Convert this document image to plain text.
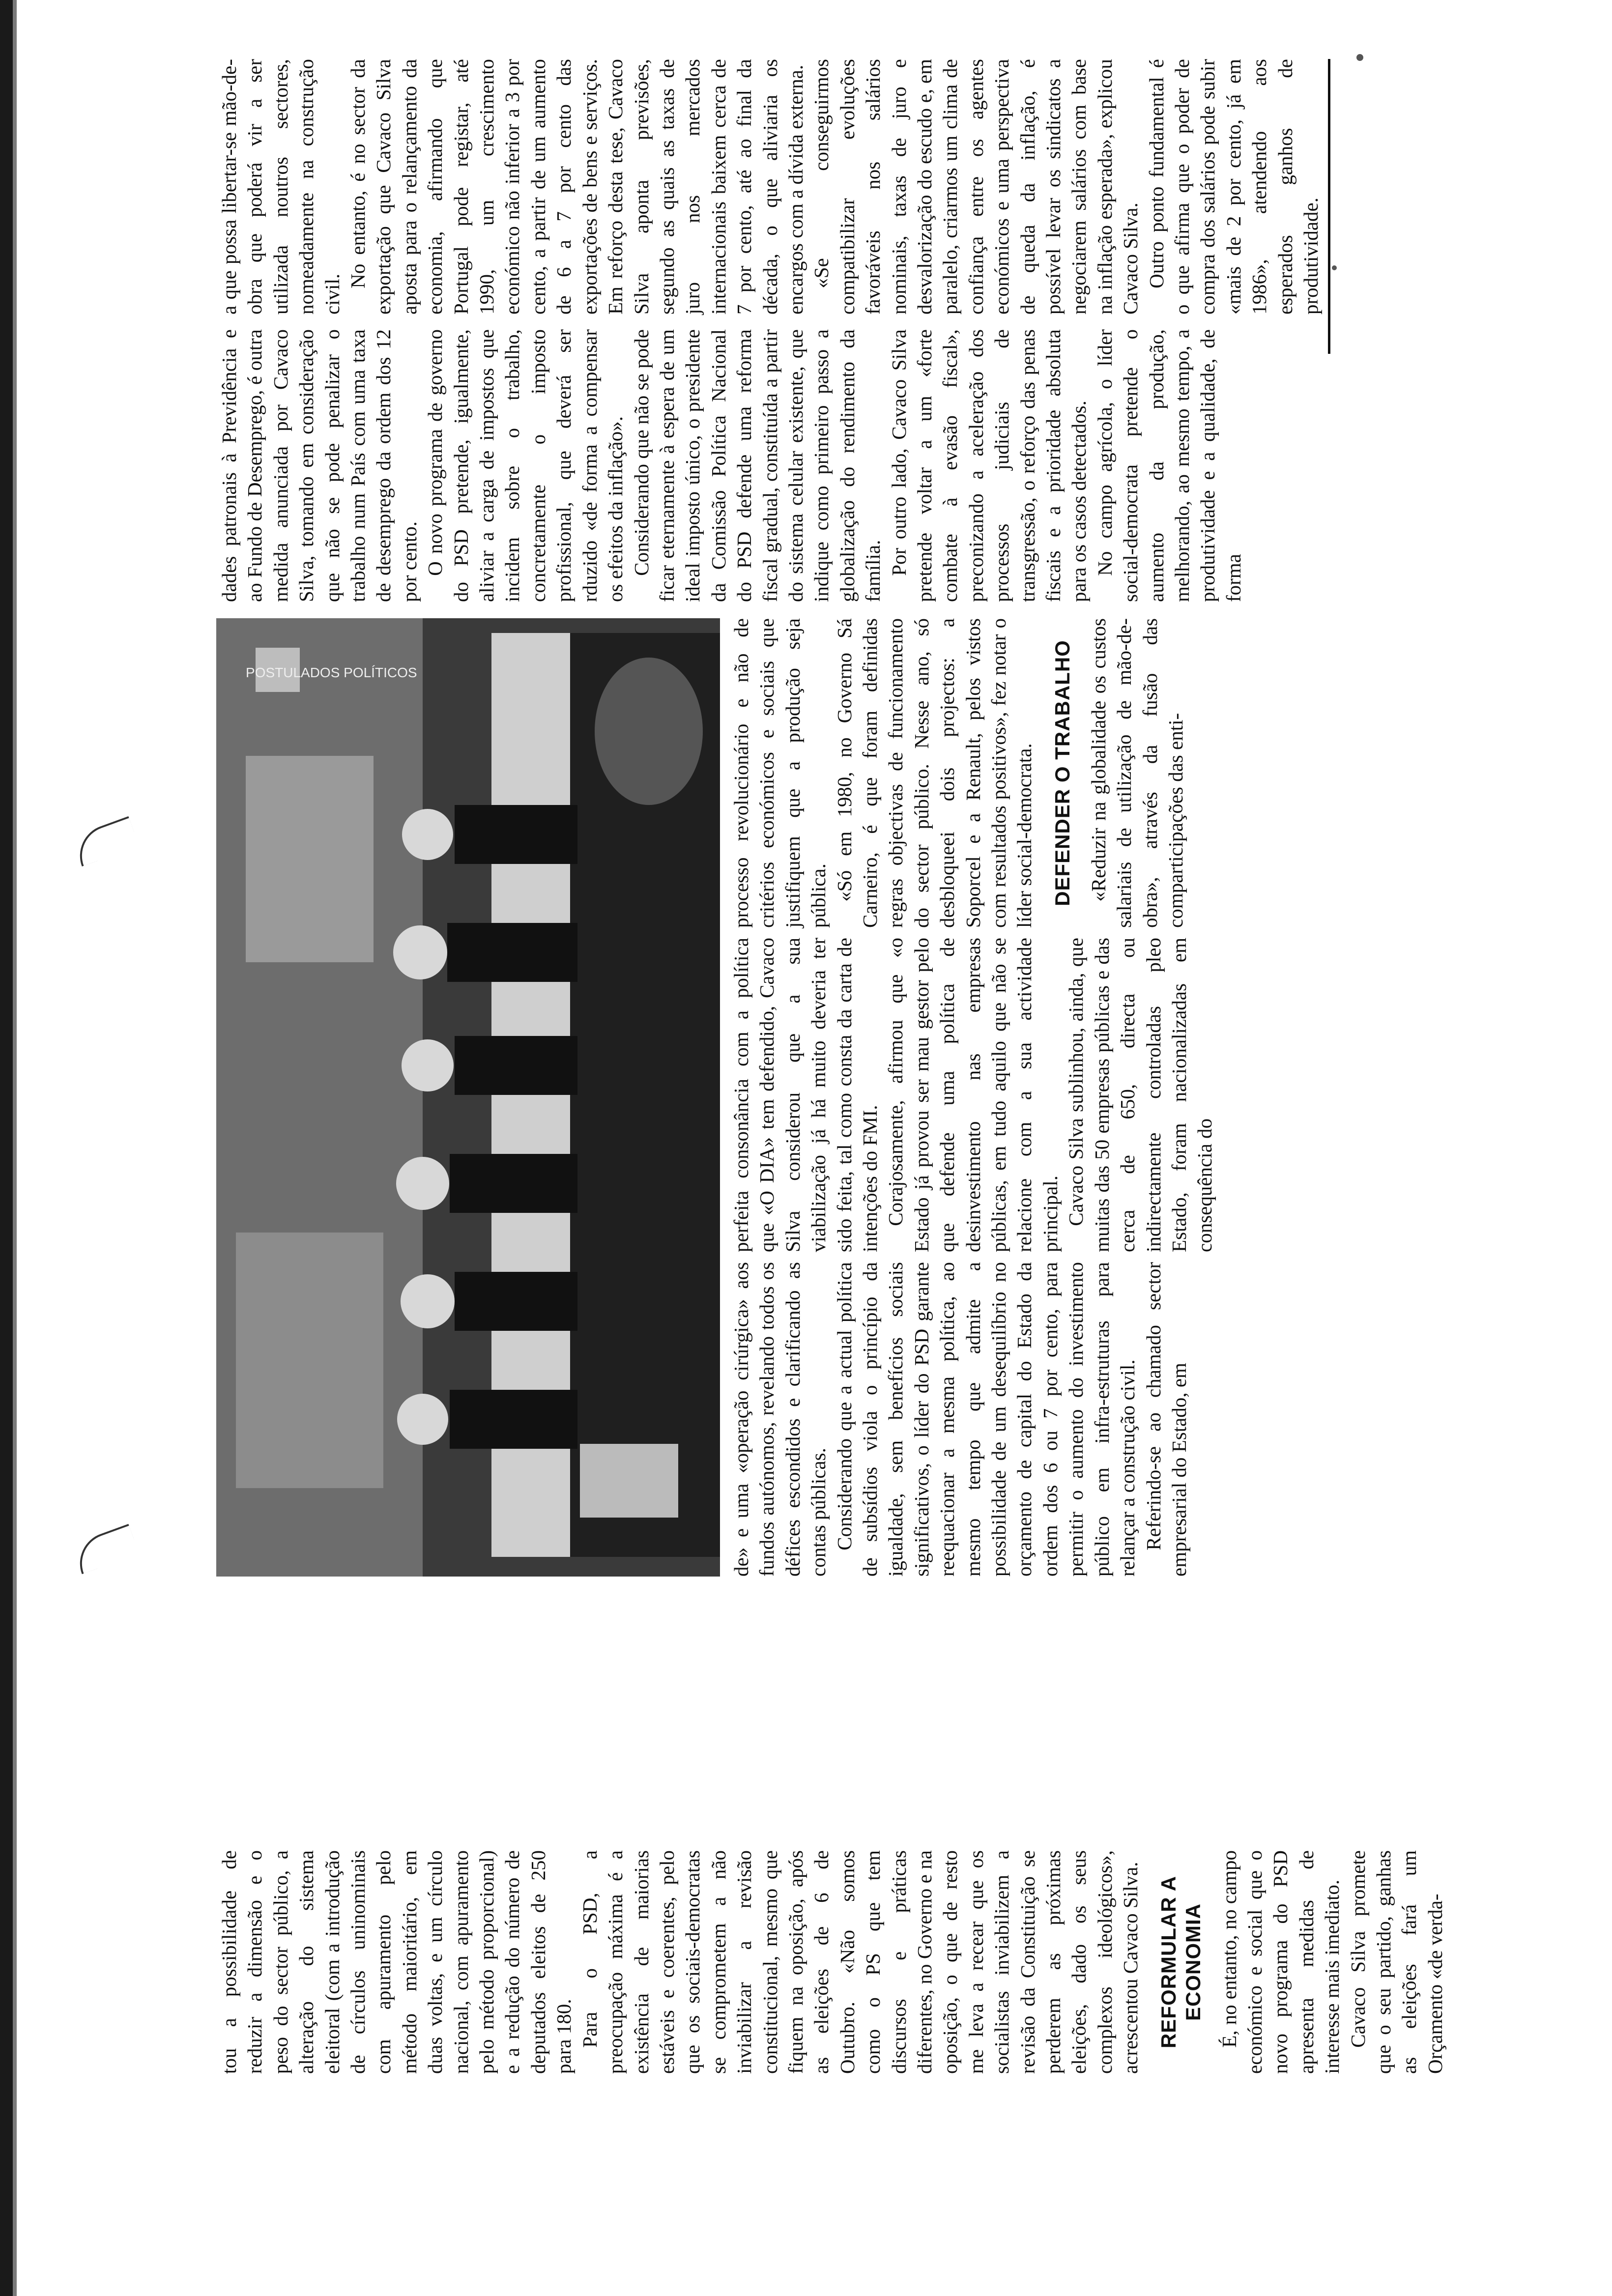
tou a possibilidade de reduzir a dimensão e o peso do sector público, a alteração do sistema eleitoral (com a introdução de círculos uninominais com apuramento pelo método maioritário, em duas voltas, e um círculo nacional, com apuramento pelo método proporcional) e a redução do número de deputados eleitos de 250 para 180. Para o PSD, a preocupação máxima é a existência de maiorias estáveis e coerentes, pelo que os sociais-democratas se comprometem a não inviabilizar a revisão constitucional, mesmo que fiquem na oposição, após as eleições de 6 de Outubro. «Não somos como o PS que tem discursos e práticas diferentes, no Governo e na oposição, o que de resto me leva a recear que os socialistas inviabilizem a revisão da Constituição se perderem as próximas eleições, dado os seus complexos ideológicos», acrescentou Cavaco Silva. REFORMULAR A ECONOMIA É, no entanto, no campo económico e social que o novo programa do PSD apresenta medidas de interesse mais imediato. Cavaco Silva promete que o seu partido, ganhas as eleições fará um Orçamento «de verda-

POSTULADOS POLÍTICOS

de» e uma «operação cirúrgica» aos fundos autónomos, revelando todos os défices escondidos e clarificando as contas públicas. Considerando que a actual política de subsídios viola o princípio da igualdade, sem benefícios sociais significativos, o líder do PSD garante reequacionar a mesma política, ao mesmo tempo que admite a possibilidade de um desequilíbrio no orçamento de capital do Estado da ordem dos 6 ou 7 por cento, para permitir o aumento do investimento público em infra-estruturas para relançar a construção civil. Referindo-se ao chamado sector empresarial do Estado, em

perfeita consonância com a política que «O DIA» tem defendido, Cavaco Silva considerou que a sua viabilização já há muito deveria ter sido feita, tal como consta da carta de intenções do FMI. Corajosamente, afirmou que «o Estado já provou ser mau gestor pelo que defende uma política de desinvestimento nas empresas públicas, em tudo aquilo que não se relacione com a sua actividade principal. Cavaco Silva sublinhou, ainda, que muitas das 50 empresas públicas e das cerca de 650, directa ou indirectamente controladas pleo Estado, foram nacionalizadas em consequência do

processo revolucionário e não de critérios económicos e sociais que justifiquem que a produção seja pública. «Só em 1980, no Governo Sá Carneiro, é que foram definidas regras objectivas de funcionamento do sector público. Nesse ano, só desbloqueei dois projectos: a Soporcel e a Renault, pelos vistos com resultados positivos», fez notar o líder social-democrata. DEFENDER O TRABALHO «Reduzir na globalidade os custos salariais de utilização de mão-de-obra», através da fusão das comparticipações das enti-

dades patronais à Previdência e ao Fundo de Desemprego, é outra medida anunciada por Cavaco Silva, tomando em consideração que não se pode penalizar o trabalho num País com uma taxa de desemprego da ordem dos 12 por cento. O novo programa de governo do PSD pretende, igualmente, aliviar a carga de impostos que incidem sobre o trabalho, concretamente o imposto profissional, que deverá ser rduzido «de forma a compensar os efeitos da inflação». Considerando que não se pode ficar eternamente à espera de um ideal imposto único, o presidente da Comissão Política Nacional do PSD defende uma reforma fiscal gradual, constituída a partir do sistema celular existente, que indique como primeiro passo a globalização do rendimento da família. Por outro lado, Cavaco Silva pretende voltar a um «forte combate à evasão fiscal», preconizando a aceleração dos processos judiciais de transgressão, o reforço das penas fiscais e a prioridade absoluta para os casos detectados. No campo agrícola, o líder social-democrata pretende o aumento da produção, melhorando, ao mesmo tempo, a produtividade e a qualidade, de forma

a que possa libertar-se mão-de-obra que poderá vir a ser utilizada noutros sectores, nomeadamente na construção civil.

No entanto, é no sector da exportação que Cavaco Silva aposta para o relançamento da economia, afirmando que Portugal pode registar, até 1990, um crescimento económico não inferior a 3 por cento, a partir de um aumento de 6 a 7 por cento das exportações de bens e serviços. Em reforço desta tese, Cavaco Silva aponta previsões, segundo as quais as taxas de juro nos mercados internacionais baixem cerca de 7 por cento, até ao final da década, o que aliviaria os encargos com a dívida externa. «Se conseguirmos compatibilizar evoluções favoráveis nos salários nominais, taxas de juro e desvalorização do escudo e, em paralelo, criarmos um clima de confiança entre os agentes económicos e uma perspectiva de queda da inflação, é possível levar os sindicatos a negociarem salários com base na inflação esperada», explicou Cavaco Silva. Outro ponto fundamental é o que afirma que o poder de compra dos salários pode subir «mais de 2 por cento, já em 1986», atendendo aos esperados ganhos de produtividade.
